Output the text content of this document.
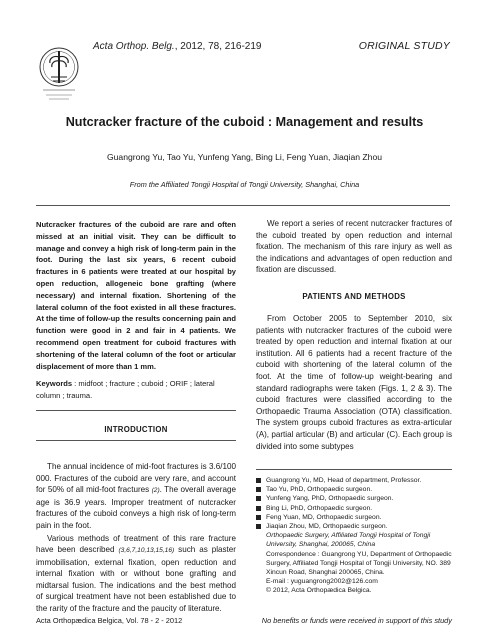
Acta Orthop. Belg., 2012, 78, 216-219	ORIGINAL STUDY
Nutcracker fracture of the cuboid : Management and results
Guangrong Yu, Tao Yu, Yunfeng Yang, Bing Li, Feng Yuan, Jiaqian Zhou
From the Affiliated Tongji Hospital of Tongji University, Shanghai, China
Nutcracker fractures of the cuboid are rare and often missed at an initial visit. They can be difficult to manage and convey a high risk of long-term pain in the foot. During the last six years, 6 recent cuboid fractures in 6 patients were treated at our hospital by open reduction, allogeneic bone grafting (where necessary) and internal fixation. Shortening of the lateral column of the foot existed in all these fractures. At the time of follow-up the results concerning pain and function were good in 2 and fair in 4 patients. We recommend open treatment for cuboid fractures with shortening of the lateral column of the foot or articular displacement of more than 1 mm.
Keywords : midfoot ; fracture ; cuboid ; ORIF ; lateral column ; trauma.
INTRODUCTION

The annual incidence of mid-foot fractures is 3.6/100 000. Fractures of the cuboid are very rare, and account for 50% of all mid-foot fractures (2). The overall average age is 36.9 years. Improper treatment of nutcracker fractures of the cuboid conveys a high risk of long-term pain in the foot.

Various methods of treatment of this rare fracture have been described (3,6,7,10,13,15,16) such as plaster immobilisation, external fixation, open reduction and internal fixation with or without bone grafting and midtarsal fusion. The indications and the best method of surgical treatment have not been established due to the rarity of the fracture and the paucity of literature.

We report a series of recent nutcracker fractures of the cuboid treated by open reduction and internal fixation. The mechanism of this rare injury as well as the indications and advantages of open reduction and fixation are discussed.

PATIENTS AND METHODS

From October 2005 to September 2010, six patients with nutcracker fractures of the cuboid were treated by open reduction and internal fixation at our institution. All 6 patients had a recent fracture of the cuboid with shortening of the lateral column of the foot. At the time of follow-up weight-bearing and standard radiographs were taken (Figs. 1, 2 & 3). The cuboid fractures were classified according to the Orthopaedic Trauma Association (OTA) classification. The system groups cuboid fractures as extra-articular (A), partial articular (B) and articular (C). Each group is divided into some subtypes

Guangrong Yu, MD, Head of department, Professor.
Tao Yu, PhD, Orthopaedic surgeon.
Yunfeng Yang, PhD, Orthopaedic surgeon.
Bing Li, PhD, Orthopaedic surgeon.
Feng Yuan, MD, Orthopaedic surgeon.
Jiaqian Zhou, MD, Orthopaedic surgeon.
Orthopaedic Surgery, Affiliated Tongji Hospital of Tongji University, Shanghai, 200065, China
Correspondence : Guangrong YU, Department of Orthopaedic Surgery, Affiliated Tongji Hospital of Tongji University, NO. 389 Xincun Road, Shanghai 200065, China.
E-mail : yuguangrong2002@126.com
© 2012, Acta Orthopædica Belgica.
Acta Orthopædica Belgica, Vol. 78 - 2 - 2012	No benefits or funds were received in support of this study
